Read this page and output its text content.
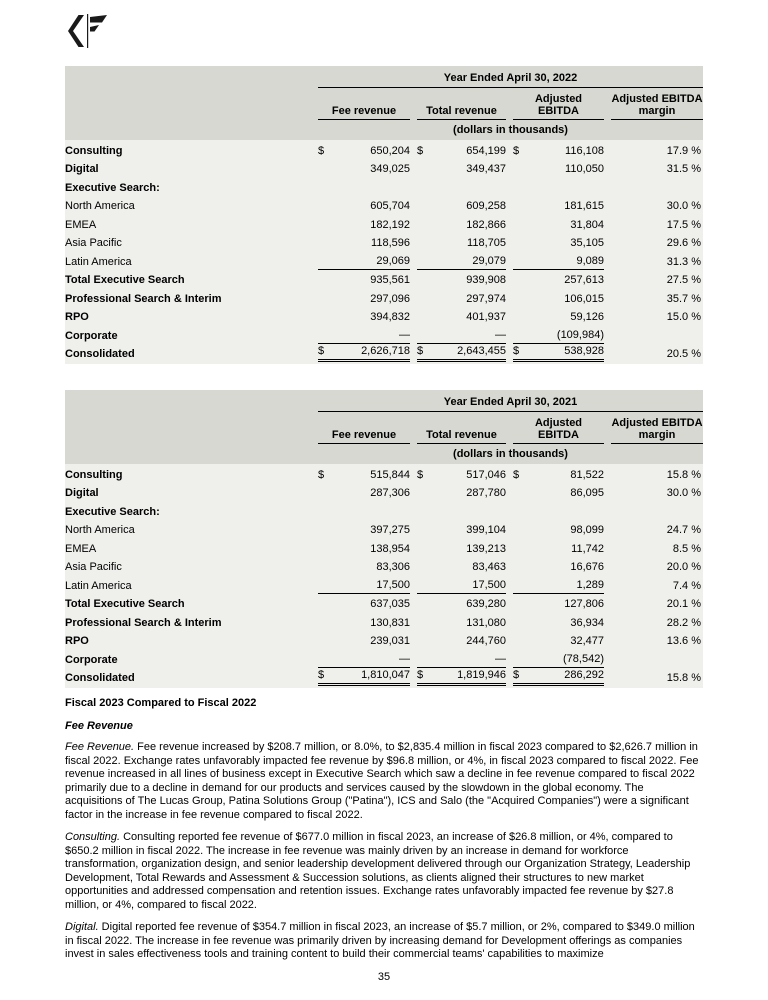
Year Ended April 30, 2022
Fee revenue	Total revenue
Adjusted EBITDA
Adjusted EBITDA margin
(dollars in thousands)
Consulting	$	650,204 $	654,199 $	116,108	17.9 %
Digital	349,025	349,437	110,050	31.5 %
Executive Search:
North America	605,704	609,258	181,615	30.0 %
EMEA	182,192	182,866	31,804	17.5 %
Asia Pacific	118,596	118,705	35,105	29.6 %
Latin America	29,069	29,079	9,089	31.3 %
Total Executive Search	935,561	939,908	257,613	27.5 %
Professional Search & Interim	297,096	297,974	106,015	35.7 %
RPO	394,832	401,937	59,126	15.0 %
Corporate	—	—	(109,984)
Consolidated	$	2,626,718 $	2,643,455 $	538,928	20.5 %
Year Ended April 30, 2021
Fee revenue	Total revenue
Adjusted EBITDA
Adjusted EBITDA margin
(dollars in thousands)
Consulting	$	515,844 $	517,046 $	81,522	15.8 %
Digital	287,306	287,780	86,095	30.0 %
Executive Search:
North America	397,275	399,104	98,099	24.7 %
EMEA	138,954	139,213	11,742	8.5 %
Asia Pacific	83,306	83,463	16,676	20.0 %
Latin America	17,500	17,500	1,289	7.4 %
Total Executive Search	637,035	639,280	127,806	20.1 %
Professional Search & Interim	130,831	131,080	36,934	28.2 %
RPO	239,031	244,760	32,477	13.6 %
Corporate	—	—	(78,542)
Consolidated	$	1,810,047 $	1,819,946 $	286,292	15.8 %
Fiscal 2023 Compared to Fiscal 2022
Fee Revenue

Fee Revenue. Fee revenue increased by $208.7 million, or 8.0%, to $2,835.4 million in fiscal 2023 compared to $2,626.7 million in fiscal 2022. Exchange rates unfavorably impacted fee revenue by $96.8 million, or 4%, in fiscal 2023 compared to fiscal 2022. Fee revenue increased in all lines of business except in Executive Search which saw a decline in fee revenue compared to fiscal 2022 primarily due to a decline in demand for our products and services caused by the slowdown in the global economy. The acquisitions of The Lucas Group, Patina Solutions Group ("Patina"), ICS and Salo (the "Acquired Companies") were a significant factor in the increase in fee revenue compared to fiscal 2022.

Consulting. Consulting reported fee revenue of $677.0 million in fiscal 2023, an increase of $26.8 million, or 4%, compared to $650.2 million in fiscal 2022. The increase in fee revenue was mainly driven by an increase in demand for workforce transformation, organization design, and senior leadership development delivered through our Organization Strategy, Leadership Development, Total Rewards and Assessment & Succession solutions, as clients aligned their structures to new market opportunities and addressed compensation and retention issues. Exchange rates unfavorably impacted fee revenue by $27.8 million, or 4%, compared to fiscal 2022.

Digital. Digital reported fee revenue of $354.7 million in fiscal 2023, an increase of $5.7 million, or 2%, compared to $349.0 million in fiscal 2022. The increase in fee revenue was primarily driven by increasing demand for Development offerings as companies invest in sales effectiveness tools and training content to build their commercial teams' capabilities to maximize

35
